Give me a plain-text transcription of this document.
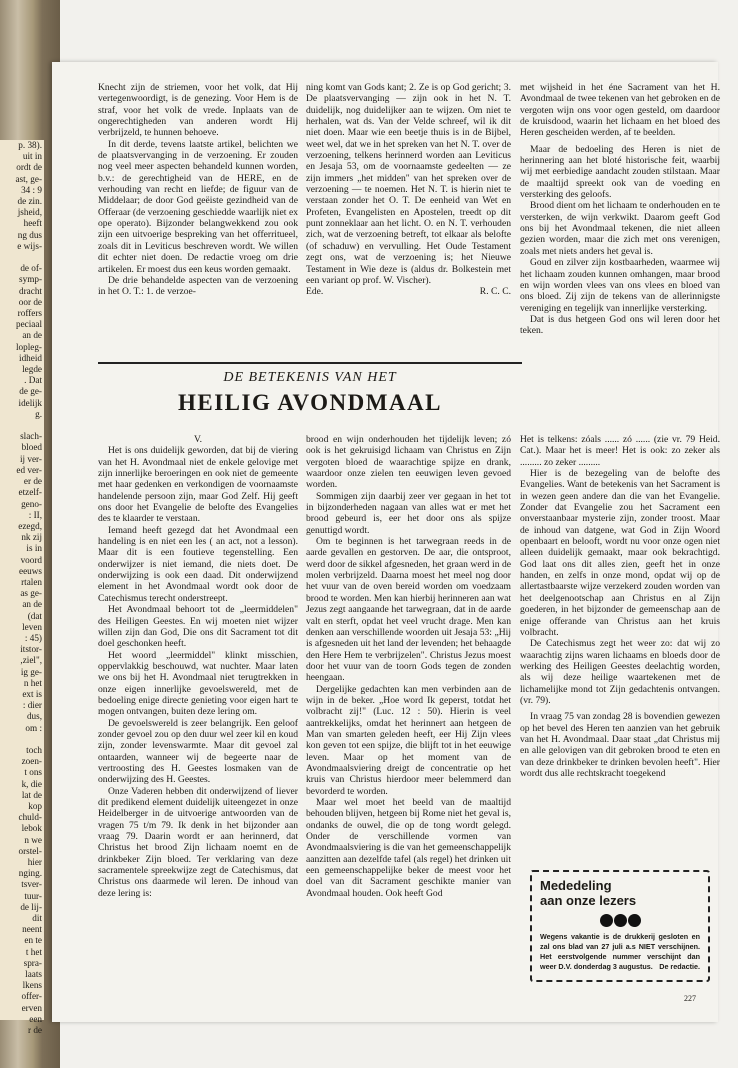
p. 38).
uit in
ordt de
ast, ge-
34 : 9
de zin.
jsheid,
heeft
ng dus
e wijs-

de of-
symp-
dracht
oor de
roffers
peciaal
an de
lopleg-
idheid
legde
. Dat
de ge-
idelijk
g.

slach-
bloed
ij ver-
ed ver-
er de
etzelf-
geno-
: II,
ezegd,
nk zij
is in
voord
eeuws
rtalen
as ge-
an de
(dat
leven
: 45)
itstor-
,ziel",
ig ge-
n het
ext is
: dier
dus,
om :

toch
zoen-
t ons
k, die
lat de
kop
chuld-
lebok
n we
orstel-
hier
nging.
tsver-
tuur-
de lij-
dit
neent
en te
t het
spra-
laats
lkens
offer-
erven
een
r de

Knecht zijn de striemen, voor het volk, dat Hij vertegenwoordigt, is de genezing. Voor Hem is de straf, voor het volk de vrede. Inplaats van de ongerechtigheden van anderen wordt Hij verbrijzeld, te hunnen behoeve.

In dit derde, tevens laatste artikel, belichten we de plaatsvervanging in de verzoening. Er zouden nog veel meer aspecten behandeld kunnen worden, b.v.: de gerechtigheid van de HERE, en de verhouding van recht en liefde; de figuur van de Middelaar; de door God geëiste gezindheid van de Offeraar (de verzoening geschiedde waarlijk niet ex ope operato). Bijzonder belangwekkend zou ook zijn een uitvoerige bespreking van het offerritueel, zoals dit in Leviticus beschreven wordt. We willen dit echter niet doen. De redactie vroeg om drie artikelen. Er moest dus een keus worden gemaakt.

De drie behandelde aspecten van de verzoening in het O. T.: 1. de verzoe-

ning komt van Gods kant; 2. Ze is op God gericht; 3. De plaatsvervanging — zijn ook in het N. T. duidelijk, nog duidelijker aan te wijzen. Om niet te herhalen, wat ds. Van der Velde schreef, wil ik dit niet doen. Maar wie een beetje thuis is in de Bijbel, weet wel, dat we in het spreken van het N. T. over de verzoening, telkens herinnerd worden aan Leviticus en Jesaja 53, om de voornaamste gedeelten — ze zijn immers „het midden" van het spreken over de verzoening — te noemen. Het N. T. is hierin niet te verstaan zonder het O. T. De eenheid van Wet en Profeten, Evangelisten en Apostelen, treedt op dit punt zonneklaar aan het licht. O. en N. T. verhouden zich, wat de verzoening betreft, tot elkaar als belofte (of schaduw) en vervulling. Het Oude Testament zegt ons, wat de verzoening is; het Nieuwe Testament in Wie deze is (aldus dr. Bolkestein met een variant op prof. W. Vischer).

Ede.	R. C. C.

met wijsheid in het éne Sacrament van het H. Avondmaal de twee tekenen van het gebroken en de vergoten wijn ons voor ogen gesteld, om daardoor de kruisdood, waarin het lichaam en het bloed des Heren gescheiden werden, af te beelden.

Maar de bedoeling des Heren is niet de herinnering aan het bloté historische feit, waarbij wij met eerbiedige aandacht zouden stilstaan. Maar de maaltijd spreekt ook van de voeding en versterking des geloofs.

Brood dient om het lichaam te onderhouden en te versterken, de wijn verkwikt. Daarom geeft God ons bij het Avondmaal tekenen, die niet alleen gezien worden, maar die zich met ons verenigen, zoals met niets anders het geval is.

Goud en zilver zijn kostbaarheden, waarmee wij het lichaam zouden kunnen omhangen, maar brood en wijn worden vlees van ons vlees en bloed van ons bloed. Zij zijn de tekens van de allerinnigste vereniging en tegelijk van innerlijke versterking.

Dat is dus hetgeen God ons wil leren door het teken.

DE BETEKENIS VAN HET
HEILIG AVONDMAAL

V.

Het is ons duidelijk geworden, dat bij de viering van het H. Avondmaal niet de enkele gelovige met zijn innerlijke beroeringen en ook niet de gemeente met haar gedenken en verkondigen de voornaamste handelende persoon zijn, maar God Zelf. Hij geeft ons door het Evangelie de belofte des Evangelies des te klaarder te verstaan.

Iemand heeft gezegd dat het Avondmaal een handeling is en niet een les ( an act, not a lesson). Maar dit is een foutieve tegenstelling. Een onderwijzer is niet iemand, die niets doet. De onderwijzing is ook een daad. Dit onderwijzend element in het Avondmaal wordt ook door de Catechismus terecht onderstreept.

Het Avondmaal behoort tot de „leermiddelen" des Heiligen Geestes. En wij moeten niet wijzer willen zijn dan God, Die ons dit Sacrament tot dit doel geschonken heeft.

Het woord „leermiddel" klinkt misschien, oppervlakkig beschouwd, wat nuchter. Maar laten we ons bij het H. Avondmaal niet terugtrekken in onze eigen innerlijke gevoelswereld, met de bedoeling enige directe genieting voor eigen hart te mogen ontvangen, buiten deze lering om.

De gevoelswereld is zeer belangrijk. Een geloof zonder gevoel zou op den duur wel zeer kil en koud zijn, zonder levenswarmte. Maar dit gevoel zal ontaarden, wanneer wij de begeerte naar de vertroosting des H. Geestes losmaken van de onderwijzing des H. Geestes.

Onze Vaderen hebben dit onderwijzend of liever dit predikend element duidelijk uiteengezet in onze Heidelberger in de uitvoerige antwoorden van de vragen 75 t/m 79. Ik denk in het bijzonder aan vraag 79. Daarin wordt er aan herinnerd, dat Christus het brood Zijn lichaam noemt en de drinkbeker Zijn bloed. Ter verklaring van deze sacramentele spreekwijze zegt de Catechismus, dat Christus ons daarmede wil leren. De inhoud van deze lering is:

brood en wijn onderhouden het tijdelijk leven; zó ook is het gekruisigd lichaam van Christus en Zijn vergoten bloed de waarachtige spijze en drank, waardoor onze zielen ten eeuwigen leven gevoed worden.

Sommigen zijn daarbij zeer ver gegaan in het tot in bijzonderheden nagaan van alles wat er met het brood gebeurd is, eer het door ons als spijze genuttigd wordt.

Om te beginnen is het tarwegraan reeds in de aarde gevallen en gestorven. De aar, die ontsproot, werd door de sikkel afgesneden, het graan werd in de molen verbrijzeld. Daarna moest het meel nog door het vuur van de oven bereid worden om voedzaam brood te worden. Men kan hierbij herinneren aan wat Jezus zegt aangaande het tarwegraan, dat in de aarde valt en sterft, opdat het veel vrucht drage. Men kan denken aan verschillende woorden uit Jesaja 53: „Hij is afgesneden uit het land der levenden; het behaagde den Here Hem te verbrijzelen". Christus Jezus moest door het vuur van de toorn Gods tegen de zonden heengaan.

Dergelijke gedachten kan men verbinden aan de wijn in de beker. „Hoe word Ik geperst, totdat het volbracht zij!" (Luc. 12 : 50). Hierin is veel aantrekkelijks, omdat het herinnert aan hetgeen de Man van smarten geleden heeft, eer Hij Zijn vlees kon geven tot een spijze, die blijft tot in het eeuwige leven. Maar op het moment van de Avondmaalsviering dreigt de concentratie op het kruis van Christus hierdoor meer belemmerd dan bevorderd te worden.

Maar wel moet het beeld van de maaltijd behouden blijven, hetgeen bij Rome niet het geval is, ondanks de ouwel, die op de tong wordt gelegd. Onder de verschillende vormen van Avondmaalsviering is die van het gemeenschappelijk aanzitten aan dezelfde tafel (als regel) het drinken uit een gemeenschappelijke beker de meest voor het doel van dit Sacrament geschikte manier van Avondmaal houden. Ook heeft God

Het is telkens: zóals ...... zó ...... (zie vr. 79 Heid. Cat.). Maar het is meer! Het is ook: zo zeker als ......... zo zeker .........

Hier is de bezegeling van de belofte des Evangelies. Want de betekenis van het Sacrament is in wezen geen andere dan die van het Evangelie. Zonder dat Evangelie zou het Sacrament een onverstaanbaar mysterie zijn, zonder troost. Maar de inhoud van datgene, wat God in Zijn Woord openbaart en belooft, wordt nu voor onze ogen niet alleen duidelijk gemaakt, maar ook bekrachtigd. God laat ons dit alles zien, geeft het in onze handen, en zelfs in onze mond, opdat wij op de allertastbaarste wijze verzekerd zouden worden van het deelgenootschap aan Christus en al Zijn goederen, in het bijzonder de gemeenschap aan de enige offerande van Christus aan het kruis volbracht.

De Catechismus zegt het weer zo: dat wij zo waarachtig zijns waren lichaams en bloeds door de werking des Heiligen Geestes deelachtig worden, als wij deze heilige waartekenen met de lichamelijke mond tot Zijn gedachtenis ontvangen. (vr. 79).

In vraag 75 van zondag 28 is bovendien gewezen op het bevel des Heren ten aanzien van het gebruik van het H. Avondmaal. Daar staat „dat Christus mij en alle gelovigen van dit gebroken brood te eten en van deze drinkbeker te drinken bevolen heeft". Hier wordt dus alle rechtskracht toegekend

Mededeling
aan onze lezers
Wegens vakantie is de drukkerij gesloten en zal ons blad van 27 juli a.s NIET verschijnen. Het eerstvolgende nummer verschijnt dan weer D.V. donderdag 3 augustus. De redactie.
227
